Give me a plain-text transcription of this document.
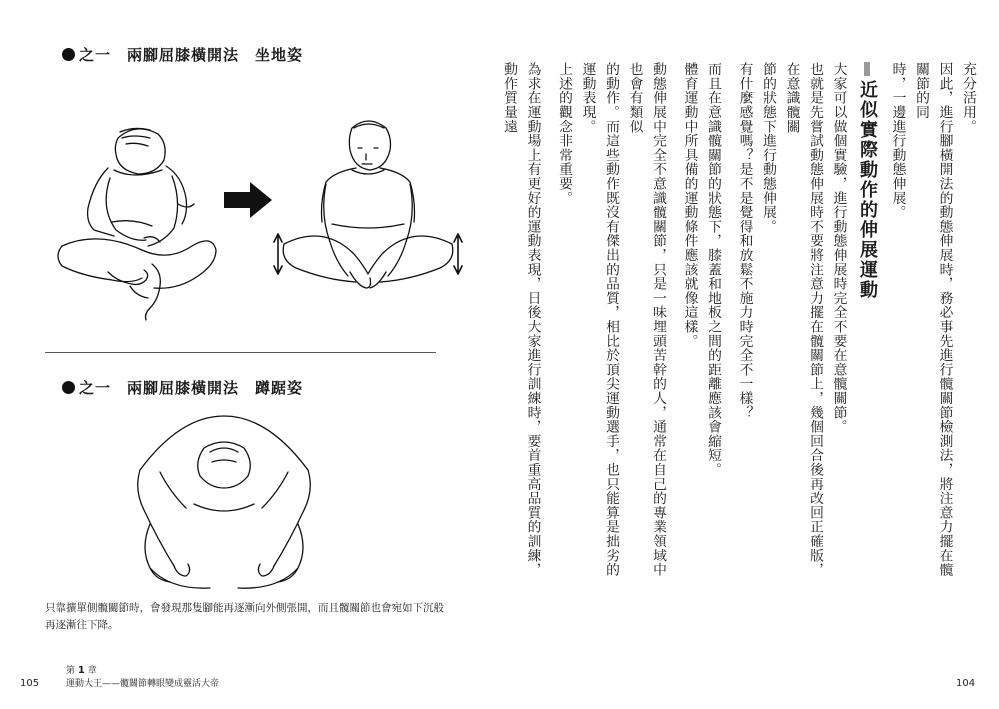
之一　兩腳屈膝橫開法　坐地姿
之一　兩腳屈膝橫開法　蹲踞姿

只靠擴單側髖關節時，會發現那隻腳能再逐漸向外側張開，而且髖關節也會宛如下沉般

再逐漸往下降。

第 1 章
運動大王——髖關節轉眼變成靈活大帝
105

充分活用。

因此，進行腳橫開法的動態伸展時，務必事先進行髖關節檢測法，將注意力擺在髖關節的同

時，一邊進行動態伸展。

近似實際動作的伸展運動

大家可以做個實驗，進行動態伸展時完全不要在意髖關節。

也就是先嘗試動態伸展時不要將注意力擺在髖關節上，幾個回合後再改回正確版，在意識髖關

節的狀態下進行動態伸展。

有什麼感覺嗎？是不是覺得和放鬆不施力時完全不一樣？

而且在意識髖關節的狀態下，膝蓋和地板之間的距離應該會縮短。

體育運動中所具備的運動條件應該就像這樣。

動態伸展中完全不意識髖關節，只是一味埋頭苦幹的人，通常在自己的專業領域中也會有類似

的動作。而這些動作既沒有傑出的品質，相比於頂尖運動選手，也只能算是拙劣的運動表現。

上述的觀念非常重要。

為求在運動場上有更好的運動表現，日後大家進行訓練時，要首重高品質的訓練，動作質量遠

104
